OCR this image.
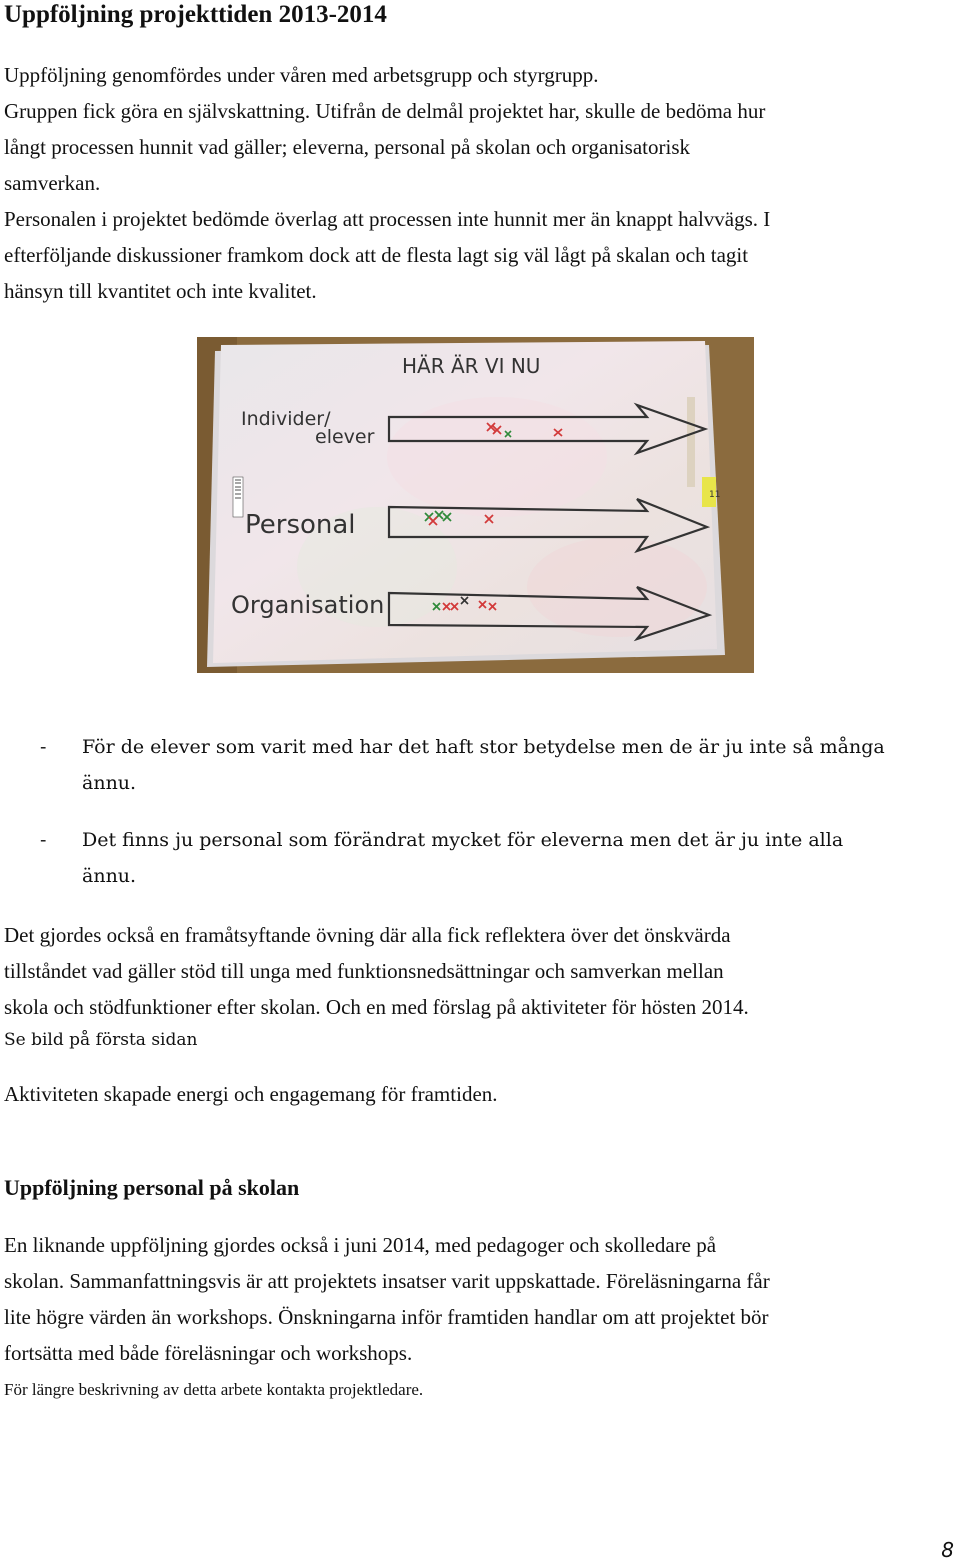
Uppföljning projekttiden 2013-2014
Uppföljning genomfördes under våren med arbetsgrupp och styrgrupp.
Gruppen fick göra en självskattning. Utifrån de delmål projektet har, skulle de bedöma hur
långt processen hunnit vad gäller; eleverna, personal på skolan och organisatorisk
samverkan.
Personalen i projektet bedömde överlag att processen inte hunnit mer än knappt halvvägs. I
efterföljande diskussioner framkom dock att de flesta lagt sig väl lågt på skalan och tagit
hänsyn till kvantitet och inte kvalitet.
11
HÄR ÄR VI NU
Individer/
elever
Personal
Organisation
- För de elever som varit med har det haft stor betydelse men de är ju inte så många
ännu.
- Det finns ju personal som förändrat mycket för eleverna men det är ju inte alla
ännu.
Det gjordes också en framåtsyftande övning där alla fick reflektera över det önskvärda
tillståndet vad gäller stöd till unga med funktionsnedsättningar och samverkan mellan
skola och stödfunktioner efter skolan. Och en med förslag på aktiviteter för hösten 2014.
Se bild på första sidan
Aktiviteten skapade energi och engagemang för framtiden.
Uppföljning personal på skolan
En liknande uppföljning gjordes också i juni 2014, med pedagoger och skolledare på
skolan. Sammanfattningsvis är att projektets insatser varit uppskattade. Föreläsningarna får
lite högre värden än workshops. Önskningarna inför framtiden handlar om att projektet bör
fortsätta med både föreläsningar och workshops.
För längre beskrivning av detta arbete kontakta projektledare.
8
